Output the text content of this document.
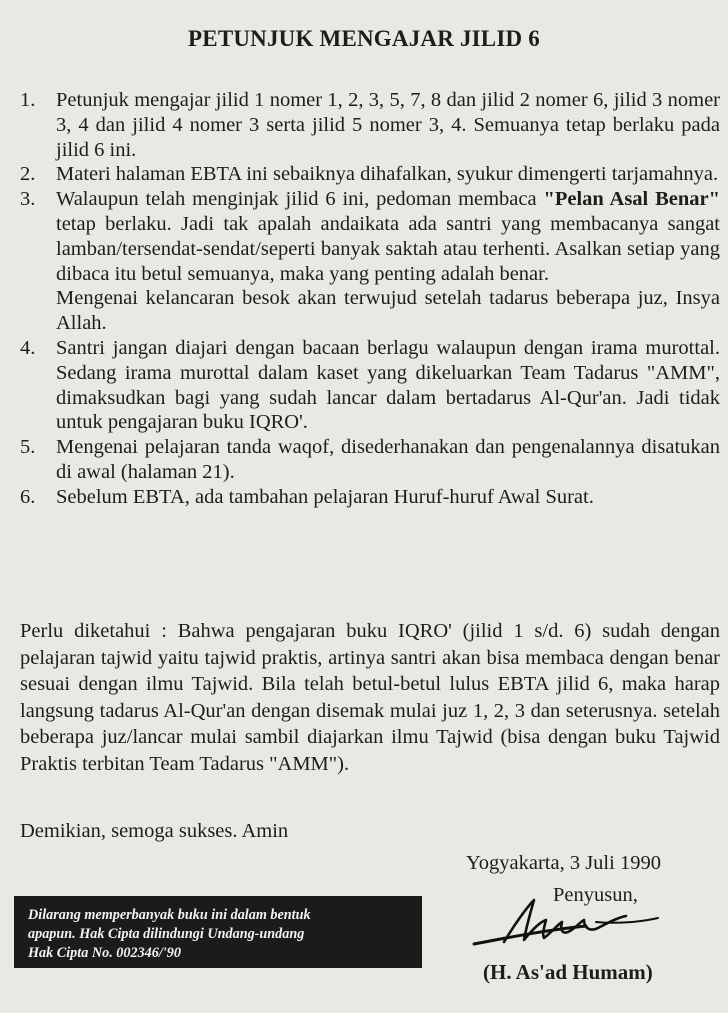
PETUNJUK MENGAJAR JILID 6
1. Petunjuk mengajar jilid 1 nomer 1, 2, 3, 5, 7, 8 dan jilid 2 nomer 6, jilid 3 nomer 3, 4 dan jilid 4 nomer 3 serta jilid 5 nomer 3, 4. Semuanya tetap berlaku pada jilid 6 ini.
2. Materi halaman EBTA ini sebaiknya dihafalkan, syukur dimengerti tarjamahnya.
3. Walaupun telah menginjak jilid 6 ini, pedoman membaca "Pelan Asal Benar" tetap berlaku. Jadi tak apalah andaikata ada santri yang membacanya sangat lamban/tersendat-sendat/seperti banyak saktah atau terhenti. Asalkan setiap yang dibaca itu betul semuanya, maka yang penting adalah benar.
Mengenai kelancaran besok akan terwujud setelah tadarus beberapa juz, Insya Allah.
4. Santri jangan diajari dengan bacaan berlagu walaupun dengan irama murottal. Sedang irama murottal dalam kaset yang dikeluarkan Team Tadarus "AMM", dimaksudkan bagi yang sudah lancar dalam bertadarus Al-Qur'an. Jadi tidak untuk pengajaran buku IQRO'.
5. Mengenai pelajaran tanda waqof, disederhanakan dan pengenalannya disatukan di awal (halaman 21).
6. Sebelum EBTA, ada tambahan pelajaran Huruf-huruf Awal Surat.

Perlu diketahui : Bahwa pengajaran buku IQRO' (jilid 1 s/d. 6) sudah dengan pelajaran tajwid yaitu tajwid praktis, artinya santri akan bisa membaca dengan benar sesuai dengan ilmu Tajwid. Bila telah betul-betul lulus EBTA jilid 6, maka harap langsung tadarus Al-Qur'an dengan disemak mulai juz 1, 2, 3 dan seterusnya. setelah beberapa juz/lancar mulai sambil diajarkan ilmu Tajwid (bisa dengan buku Tajwid Praktis terbitan Team Tadarus "AMM").

Demikian, semoga sukses. Amin

Yogyakarta, 3 Juli 1990

Penyusun,

(H. As'ad Humam)

Dilarang memperbanyak buku ini dalam bentuk
apapun. Hak Cipta dilindungi Undang-undang
Hak Cipta No. 002346/'90
